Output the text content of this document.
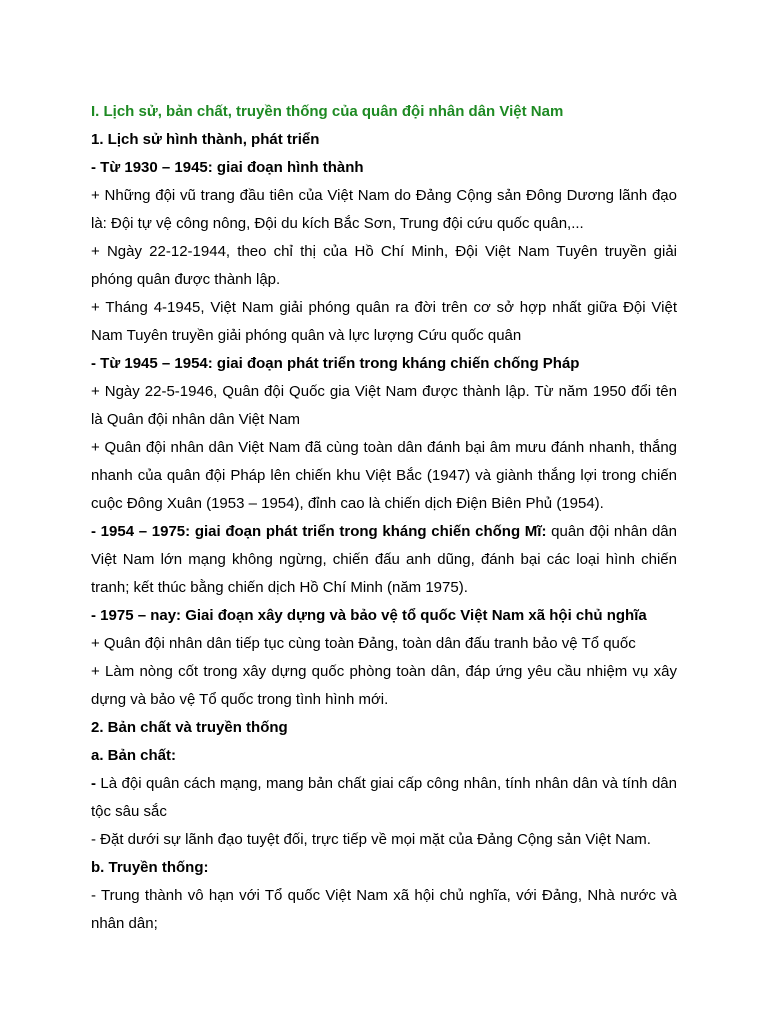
I. Lịch sử, bản chất, truyền thống của quân đội nhân dân Việt Nam

1. Lịch sử hình thành, phát triển

- Từ 1930 – 1945: giai đoạn hình thành

+ Những đội vũ trang đầu tiên của Việt Nam do Đảng Cộng sản Đông Dương lãnh đạo là: Đội tự vệ công nông, Đội du kích Bắc Sơn, Trung đội cứu quốc quân,...

+ Ngày 22-12-1944, theo chỉ thị của Hồ Chí Minh, Đội Việt Nam Tuyên truyền giải phóng quân được thành lập.

+ Tháng 4-1945, Việt Nam giải phóng quân ra đời trên cơ sở hợp nhất giữa Đội Việt Nam Tuyên truyền giải phóng quân và lực lượng Cứu quốc quân

- Từ 1945 – 1954: giai đoạn phát triển trong kháng chiến chống Pháp

+ Ngày 22-5-1946, Quân đội Quốc gia Việt Nam được thành lập. Từ năm 1950 đổi tên là Quân đội nhân dân Việt Nam

+ Quân đội nhân dân Việt Nam đã cùng toàn dân đánh bại âm mưu đánh nhanh, thắng nhanh của quân đội Pháp lên chiến khu Việt Bắc (1947) và giành thắng lợi trong chiến cuộc Đông Xuân (1953 – 1954), đỉnh cao là chiến dịch Điện Biên Phủ (1954).

- 1954 – 1975: giai đoạn phát triển trong kháng chiến chống Mĩ: quân đội nhân dân Việt Nam lớn mạng không ngừng, chiến đấu anh dũng, đánh bại các loại hình chiến tranh; kết thúc bằng chiến dịch Hồ Chí Minh (năm 1975).

- 1975 – nay: Giai đoạn xây dựng và bảo vệ tổ quốc Việt Nam xã hội chủ nghĩa

+ Quân đội nhân dân tiếp tục cùng toàn Đảng, toàn dân đấu tranh bảo vệ Tổ quốc

+ Làm nòng cốt trong xây dựng quốc phòng toàn dân, đáp ứng yêu cầu nhiệm vụ xây dựng và bảo vệ Tổ quốc trong tình hình mới.

2. Bản chất và truyền thống

a. Bản chất:

- Là đội quân cách mạng, mang bản chất giai cấp công nhân, tính nhân dân và tính dân tộc sâu sắc

- Đặt dưới sự lãnh đạo tuyệt đối, trực tiếp về mọi mặt của Đảng Cộng sản Việt Nam.

b. Truyền thống:

- Trung thành vô hạn với Tổ quốc Việt Nam xã hội chủ nghĩa, với Đảng, Nhà nước và nhân dân;
